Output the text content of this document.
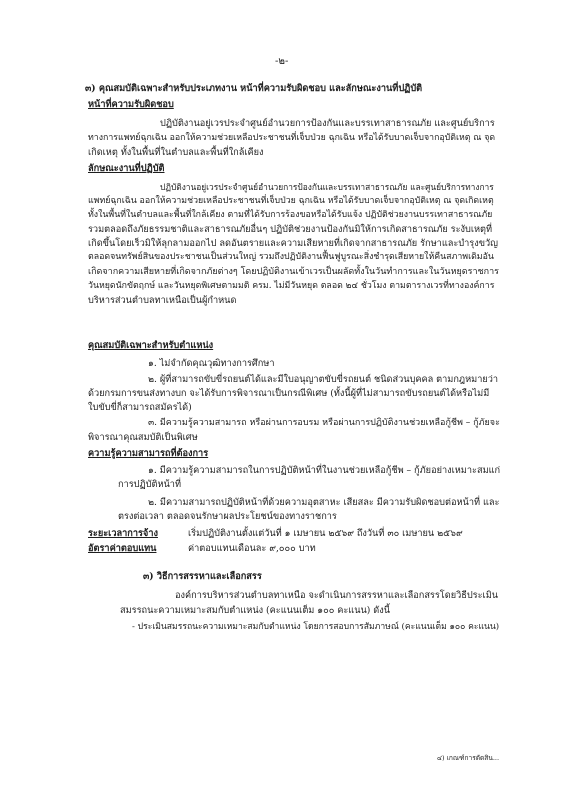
-๒-
๓) คุณสมบัติเฉพาะสำหรับประเภทงาน หน้าที่ความรับผิดชอบ และลักษณะงานที่ปฏิบัติ
หน้าที่ความรับผิดชอบ
ปฏิบัติงานอยู่เวรประจำศูนย์อำนวยการป้องกันและบรรเทาสาธารณภัย และศูนย์บริการ
ทางการแพทย์ฉุกเฉิน ออกให้ความช่วยเหลือประชาชนที่เจ็บป่วย ฉุกเฉิน หรือได้รับบาดเจ็บจากอุบัติเหตุ ณ จุด
เกิดเหตุ ทั้งในพื้นที่ในตำบลและพื้นที่ใกล้เคียง
ลักษณะงานที่ปฏิบัติ
ปฏิบัติงานอยู่เวรประจำศูนย์อำนวยการป้องกันและบรรเทาสาธารณภัย และศูนย์บริการทางการ
แพทย์ฉุกเฉิน ออกให้ความช่วยเหลือประชาชนที่เจ็บป่วย ฉุกเฉิน หรือได้รับบาดเจ็บจากอุบัติเหตุ ณ จุดเกิดเหตุ
ทั้งในพื้นที่ในตำบลและพื้นที่ใกล้เคียง ตามที่ได้รับการร้องขอหรือได้รับแจ้ง ปฏิบัติช่วยงานบรรเทาสาธารณภัย
รวมตลอดถึงภัยธรรมชาติและสาธารณภัยอื่นๆ ปฏิบัติช่วยงานป้องกันมิให้การเกิดสาธารณภัย ระงับเหตุที่
เกิดขึ้นโดยเร็วมิให้ลุกลามออกไป ลดอันตรายและความเสียหายที่เกิดจากสาธารณภัย รักษาและบำรุงขวัญ
ตลอดจนทรัพย์สินของประชาชนเป็นส่วนใหญ่ รวมถึงปฏิบัติงานฟื้นฟูบูรณะสิ่งชำรุดเสียหายให้คืนสภาพเดิมอัน
เกิดจากความเสียหายที่เกิดจากภัยต่างๆ โดยปฏิบัติงานเข้าเวรเป็นผลัดทั้งในวันทำการและในวันหยุดราชการ
วันหยุดนักขัตฤกษ์ และวันหยุดพิเศษตามมติ ครม. ไม่มีวันหยุด ตลอด ๒๔ ชั่วโมง ตามตารางเวรที่ทางองค์การ
บริหารส่วนตำบลทาเหนือเป็นผู้กำหนด
คุณสมบัติเฉพาะสำหรับตำแหน่ง
๑. ไม่จำกัดคุณวุฒิทางการศึกษา
๒. ผู้ที่สามารถขับขี่รถยนต์ได้และมีใบอนุญาตขับขี่รถยนต์ ชนิดส่วนบุคคล ตามกฎหมายว่า
ด้วยกรมการขนส่งทางบก จะได้รับการพิจารณาเป็นกรณีพิเศษ (ทั้งนี้ผู้ที่ไม่สามารถขับรถยนต์ได้หรือไม่มี
ใบขับขี่ก็สามารถสมัครได้)
๓. มีความรู้ความสามารถ หรือผ่านการอบรม หรือผ่านการปฏิบัติงานช่วยเหลือกู้ชีพ – กู้ภัยจะ
พิจารณาคุณสมบัติเป็นพิเศษ
ความรู้ความสามารถที่ต้องการ
๑. มีความรู้ความสามารถในการปฏิบัติหน้าที่ในงานช่วยเหลือกู้ชีพ – กู้ภัยอย่างเหมาะสมแก่
การปฏิบัติหน้าที่
๒. มีความสามารถปฏิบัติหน้าที่ด้วยความอุตสาหะ เสียสละ มีความรับผิดชอบต่อหน้าที่ และ
ตรงต่อเวลา ตลอดจนรักษาผลประโยชน์ของทางราชการ
ระยะเวลาการจ้าง	เริ่มปฏิบัติงานตั้งแต่วันที่ ๑ เมษายน ๒๕๖๙ ถึงวันที่ ๓๐ เมษายน ๒๕๖๙
อัตราค่าตอบแทน	ค่าตอบแทนเดือนละ ๙,๐๐๐ บาท
๓) วิธีการสรรหาและเลือกสรร
องค์การบริหารส่วนตำบลทาเหนือ จะดำเนินการสรรหาและเลือกสรรโดยวิธีประเมิน
สมรรถนะความเหมาะสมกับตำแหน่ง (คะแนนเต็ม ๑๐๐ คะแนน) ดังนี้
- ประเมินสมรรถนะความเหมาะสมกับตำแหน่ง โดยการสอบการสัมภาษณ์ (คะแนนเต็ม ๑๐๐ คะแนน)
๔) เกณฑ์การตัดสิน...
